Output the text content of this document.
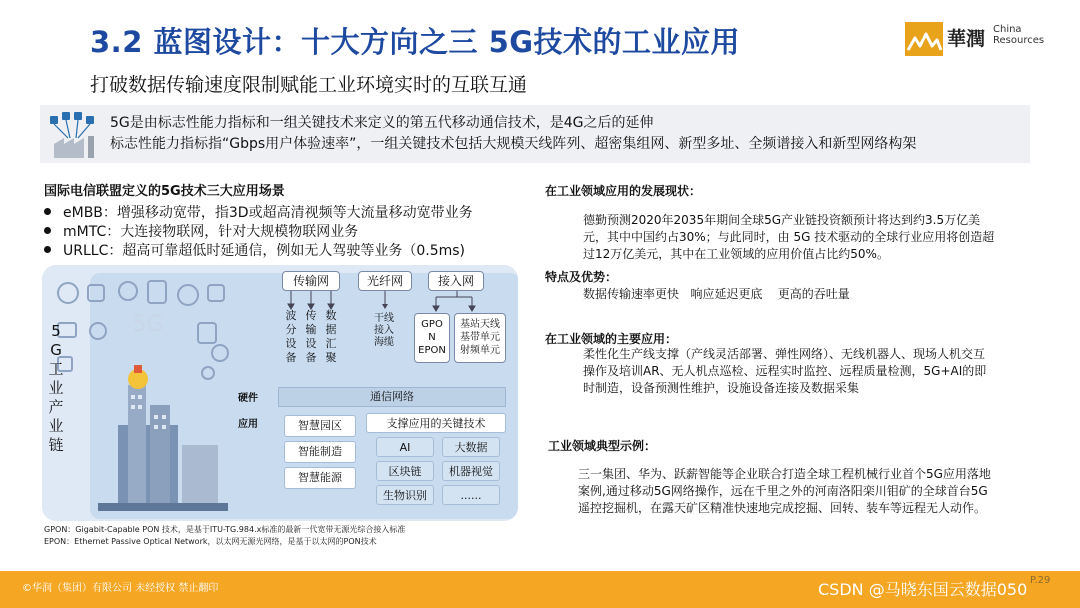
3.2 蓝图设计：十大方向之三 5G技术的工业应用
打破数据传输速度限制赋能工业环境实时的互联互通
華潤 China
Resources
5G是由标志性能力指标和一组关键技术来定义的第五代移动通信技术，是4G之后的延伸
标志性能力指标指“Gbps用户体验速率”，一组关键技术包括大规模天线阵列、超密集组网、新型多址、全频谱接入和新型网络构架
国际电信联盟定义的5G技术三大应用场景
eMBB：增强移动宽带，指3D或超高清视频等大流量移动宽带业务
mMTC：大连接物联网，针对大规模物联网业务
URLLC：超高可靠超低时延通信，例如无人驾驶等业务（0.5ms)
5G
传输网
波
分
设
备
传
输
设
备
数
据
汇
聚
光纤网
干线
接入
海缆
接入网
GPO
N
EPON
基站天线
基带单元
射频单元
硬件	通信网络
应用	智慧园区
智能制造
智慧能源
支撑应用的关键技术
AI	大数据
区块链	机器视觉
生物识别	......
5
G
工
业
产
业
链
GPON：Gigabit-Capable PON 技术，是基于ITU-TG.984.x标准的最新一代宽带无源光综合接入标准
EPON：Ethernet Passive Optical Network，以太网无源光网络，是基于以太网的PON技术
在工业领域应用的发展现状：
德勤预测2020年2035年期间全球5G产业链投资额预计将达到约3.5万亿美
元，其中中国约占30%；与此同时，由 5G 技术驱动的全球行业应用将创造超
过12万亿美元，其中在工业领域的应用价值占比约50%。
特点及优势：
数据传输速率更快   响应延迟更底    更高的吞吐量
在工业领域的主要应用：
柔性化生产线支撑（产线灵活部署、弹性网络）、无线机器人、现场人机交互
操作及培训AR、无人机点巡检、远程实时监控、远程质量检测，5G+AI的即
时制造，设备预测性维护，设施设备连接及数据采集
工业领域典型示例：
三一集团、华为、跃薪智能等企业联合打造全球工程机械行业首个5G应用落地
案例,通过移动5G网络操作，远在千里之外的河南洛阳栾川钼矿的全球首台5G
遥控挖掘机，在露天矿区精准快速地完成挖掘、回转、装车等远程无人动作。
©华润（集团）有限公司 未经授权 禁止翻印	CSDN @马晓东国云数据050 P.29
